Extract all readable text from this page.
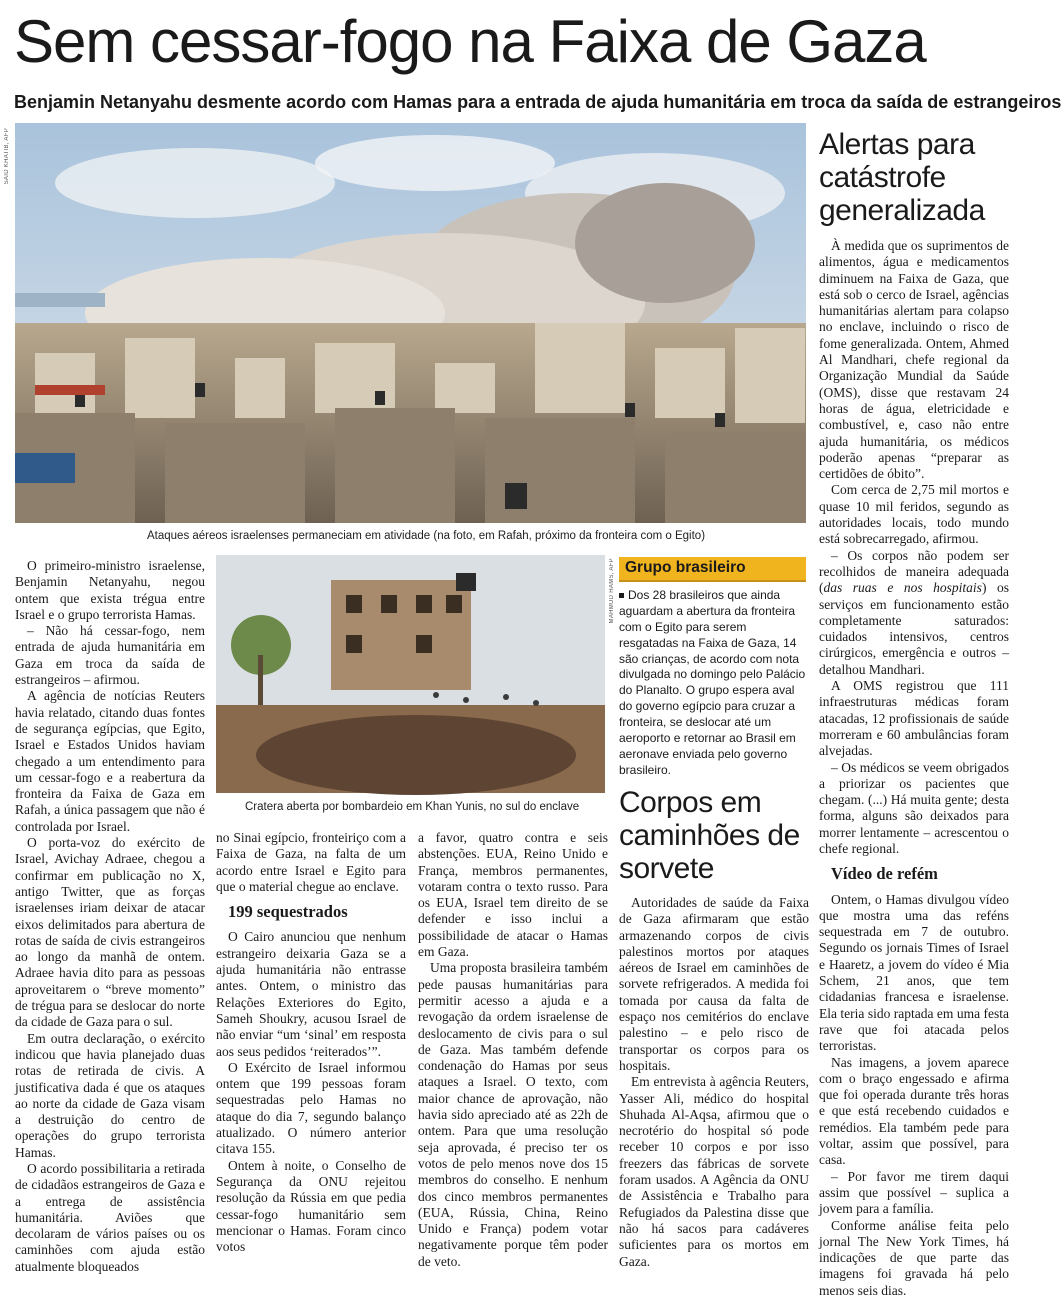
Sem cessar-fogo na Faixa de Gaza
Benjamin Netanyahu desmente acordo com Hamas para a entrada de ajuda humanitária em troca da saída de estrangeiros
SAID KHATIB, AFP
Ataques aéreos israelenses permaneciam em atividade (na foto, em Rafah, próximo da fronteira com o Egito)
MAHMUD HAMS, AFP
Cratera aberta por bombardeio em Khan Yunis, no sul do enclave

O primeiro-ministro israelense, Benjamin Netanyahu, negou ontem que exista trégua entre Israel e o grupo terrorista Hamas.

– Não há cessar-fogo, nem entrada de ajuda humanitária em Gaza em troca da saída de estrangeiros – afirmou.

A agência de notícias Reuters havia relatado, citando duas fontes de segurança egípcias, que Egito, Israel e Estados Unidos haviam chegado a um entendimento para um cessar-fogo e a reabertura da fronteira da Faixa de Gaza em Rafah, a única passagem que não é controlada por Israel.

O porta-voz do exército de Israel, Avichay Adraee, chegou a confirmar em publicação no X, antigo Twitter, que as forças israelenses iriam deixar de atacar eixos delimitados para abertura de rotas de saída de civis estrangeiros ao longo da manhã de ontem. Adraee havia dito para as pessoas aproveitarem o “breve momento” de trégua para se deslocar do norte da cidade de Gaza para o sul.

Em outra declaração, o exército indicou que havia planejado duas rotas de retirada de civis. A justificativa dada é que os ataques ao norte da cidade de Gaza visam a destruição do centro de operações do grupo terrorista Hamas.

O acordo possibilitaria a retirada de cidadãos estrangeiros de Gaza e a entrega de assistência humanitária. Aviões que decolaram de vários países ou os caminhões com ajuda estão atualmente bloqueados

no Sinai egípcio, fronteiriço com a Faixa de Gaza, na falta de um acordo entre Israel e Egito para que o material chegue ao enclave.

199 sequestrados

O Cairo anunciou que nenhum estrangeiro deixaria Gaza se a ajuda humanitária não entrasse antes. Ontem, o ministro das Relações Exteriores do Egito, Sameh Shoukry, acusou Israel de não enviar “um ‘sinal’ em resposta aos seus pedidos ‘reiterados’”.

O Exército de Israel informou ontem que 199 pessoas foram sequestradas pelo Hamas no ataque do dia 7, segundo balanço atualizado. O número anterior citava 155.

Ontem à noite, o Conselho de Segurança da ONU rejeitou resolução da Rússia em que pedia cessar-fogo humanitário sem mencionar o Hamas. Foram cinco votos

a favor, quatro contra e seis abstenções. EUA, Reino Unido e França, membros permanentes, votaram contra o texto russo. Para os EUA, Israel tem direito de se defender e isso inclui a possibilidade de atacar o Hamas em Gaza.

Uma proposta brasileira também pede pausas humanitárias para permitir acesso a ajuda e a revogação da ordem israelense de deslocamento de civis para o sul de Gaza. Mas também defende condenação do Hamas por seus ataques a Israel. O texto, com maior chance de aprovação, não havia sido apreciado até as 22h de ontem. Para que uma resolução seja aprovada, é preciso ter os votos de pelo menos nove dos 15 membros do conselho. E nenhum dos cinco membros permanentes (EUA, Rússia, China, Reino Unido e França) podem votar negativamente porque têm poder de veto.

Grupo brasileiro

Dos 28 brasileiros que ainda aguardam a abertura da fronteira com o Egito para serem resgatadas na Faixa de Gaza, 14 são crianças, de acordo com nota divulgada no domingo pelo Palácio do Planalto. O grupo espera aval do governo egípcio para cruzar a fronteira, se deslocar até um aeroporto e retornar ao Brasil em aeronave enviada pelo governo brasileiro.

Corpos em caminhões de sorvete

Autoridades de saúde da Faixa de Gaza afirmaram que estão armazenando corpos de civis palestinos mortos por ataques aéreos de Israel em caminhões de sorvete refrigerados. A medida foi tomada por causa da falta de espaço nos cemitérios do enclave palestino – e pelo risco de transportar os corpos para os hospitais.

Em entrevista à agência Reuters, Yasser Ali, médico do hospital Shuhada Al-Aqsa, afirmou que o necrotério do hospital só pode receber 10 corpos e por isso freezers das fábricas de sorvete foram usados. A Agência da ONU de Assistência e Trabalho para Refugiados da Palestina disse que não há sacos para cadáveres suficientes para os mortos em Gaza.

Alertas para catástrofe generalizada

À medida que os suprimentos de alimentos, água e medicamentos diminuem na Faixa de Gaza, que está sob o cerco de Israel, agências humanitárias alertam para colapso no enclave, incluindo o risco de fome generalizada. Ontem, Ahmed Al Mandhari, chefe regional da Organização Mundial da Saúde (OMS), disse que restavam 24 horas de água, eletricidade e combustível, e, caso não entre ajuda humanitária, os médicos poderão apenas “preparar as certidões de óbito”.

Com cerca de 2,75 mil mortos e quase 10 mil feridos, segundo as autoridades locais, todo mundo está sobrecarregado, afirmou.

– Os corpos não podem ser recolhidos de maneira adequada (das ruas e nos hospitais) os serviços em funcionamento estão completamente saturados: cuidados intensivos, centros cirúrgicos, emergência e outros – detalhou Mandhari.

A OMS registrou que 111 infraestruturas médicas foram atacadas, 12 profissionais de saúde morreram e 60 ambulâncias foram alvejadas.

– Os médicos se veem obrigados a priorizar os pacientes que chegam. (...) Há muita gente; desta forma, alguns são deixados para morrer lentamente – acrescentou o chefe regional.

Vídeo de refém

Ontem, o Hamas divulgou vídeo que mostra uma das reféns sequestrada em 7 de outubro. Segundo os jornais Times of Israel e Haaretz, a jovem do vídeo é Mia Schem, 21 anos, que tem cidadanias francesa e israelense. Ela teria sido raptada em uma festa rave que foi atacada pelos terroristas.

Nas imagens, a jovem aparece com o braço engessado e afirma que foi operada durante três horas e que está recebendo cuidados e remédios. Ela também pede para voltar, assim que possível, para casa.

– Por favor me tirem daqui assim que possível – suplica a jovem para a família.

Conforme análise feita pelo jornal The New York Times, há indicações de que parte das imagens foi gravada há pelo menos seis dias.
